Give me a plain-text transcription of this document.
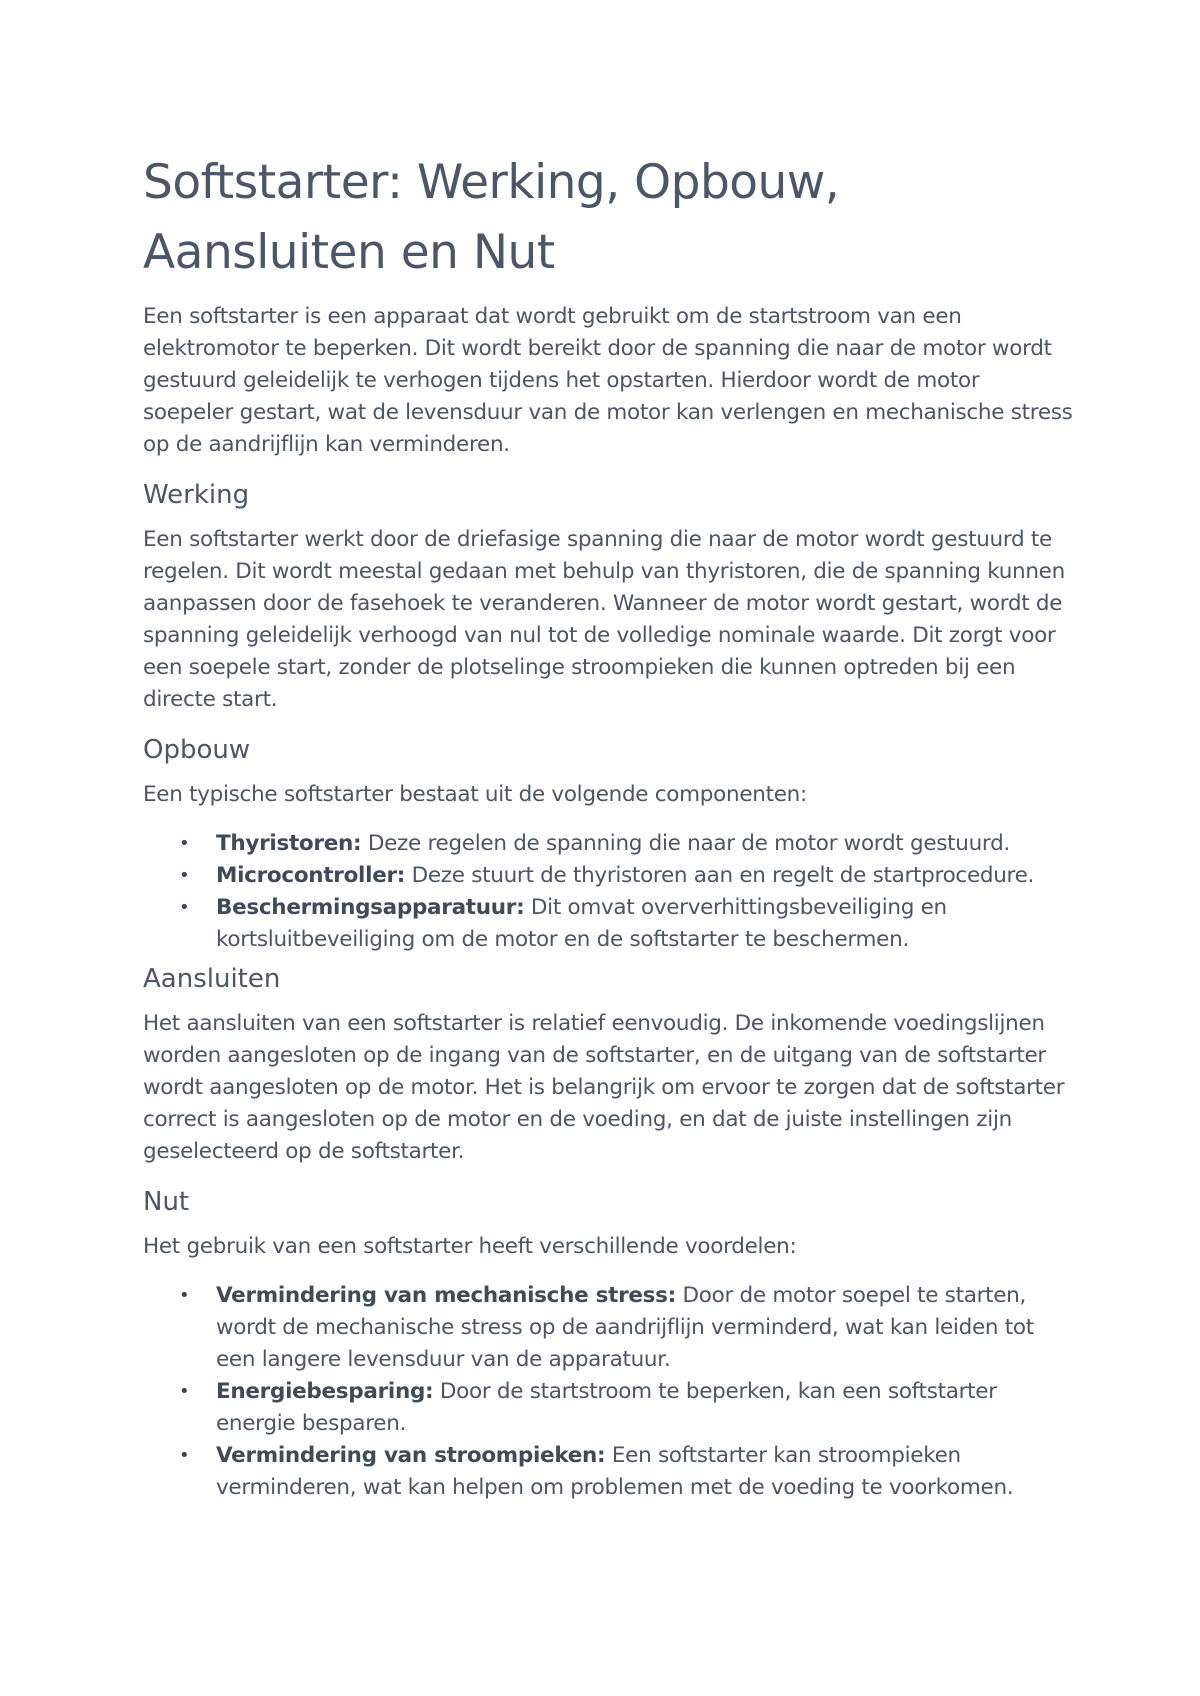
Softstarter: Werking, Opbouw, Aansluiten en Nut

Een softstarter is een apparaat dat wordt gebruikt om de startstroom van een elektromotor te beperken. Dit wordt bereikt door de spanning die naar de motor wordt gestuurd geleidelijk te verhogen tijdens het opstarten. Hierdoor wordt de motor soepeler gestart, wat de levensduur van de motor kan verlengen en mechanische stress op de aandrijflijn kan verminderen.

Werking

Een softstarter werkt door de driefasige spanning die naar de motor wordt gestuurd te regelen. Dit wordt meestal gedaan met behulp van thyristoren, die de spanning kunnen aanpassen door de fasehoek te veranderen. Wanneer de motor wordt gestart, wordt de spanning geleidelijk verhoogd van nul tot de volledige nominale waarde. Dit zorgt voor een soepele start, zonder de plotselinge stroompieken die kunnen optreden bij een directe start.

Opbouw

Een typische softstarter bestaat uit de volgende componenten:

• Thyristoren: Deze regelen de spanning die naar de motor wordt gestuurd.
• Microcontroller: Deze stuurt de thyristoren aan en regelt de startprocedure.
• Beschermingsapparatuur: Dit omvat oververhittingsbeveiliging en kortsluitbeveiliging om de motor en de softstarter te beschermen.
Aansluiten

Het aansluiten van een softstarter is relatief eenvoudig. De inkomende voedingslijnen worden aangesloten op de ingang van de softstarter, en de uitgang van de softstarter wordt aangesloten op de motor. Het is belangrijk om ervoor te zorgen dat de softstarter correct is aangesloten op de motor en de voeding, en dat de juiste instellingen zijn geselecteerd op de softstarter.

Nut

Het gebruik van een softstarter heeft verschillende voordelen:

• Vermindering van mechanische stress: Door de motor soepel te starten, wordt de mechanische stress op de aandrijflijn verminderd, wat kan leiden tot een langere levensduur van de apparatuur.
• Energiebesparing: Door de startstroom te beperken, kan een softstarter energie besparen.
• Vermindering van stroompieken: Een softstarter kan stroompieken verminderen, wat kan helpen om problemen met de voeding te voorkomen.
